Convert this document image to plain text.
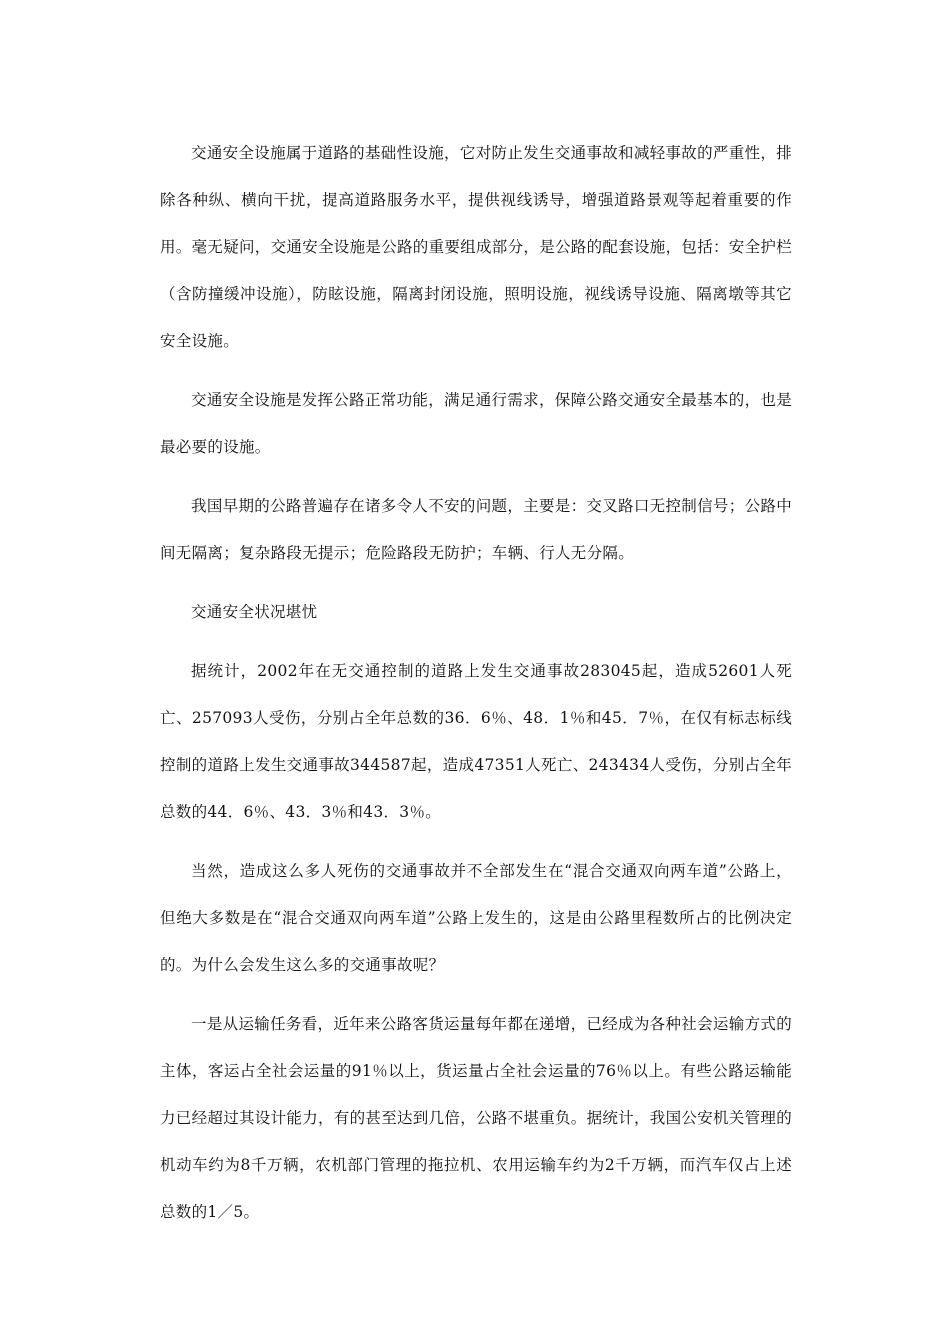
交通安全设施属于道路的基础性设施，它对防止发生交通事故和减轻事故的严重性，排除各种纵、横向干扰，提高道路服务水平，提供视线诱导，增强道路景观等起着重要的作用。毫无疑问，交通安全设施是公路的重要组成部分，是公路的配套设施，包括：安全护栏（含防撞缓冲设施），防眩设施，隔离封闭设施，照明设施，视线诱导设施、隔离墩等其它安全设施。

交通安全设施是发挥公路正常功能，满足通行需求，保障公路交通安全最基本的，也是最必要的设施。

我国早期的公路普遍存在诸多令人不安的问题，主要是：交叉路口无控制信号；公路中间无隔离；复杂路段无提示；危险路段无防护；车辆、行人无分隔。

交通安全状况堪忧

据统计，2002年在无交通控制的道路上发生交通事故283045起，造成52601人死亡、257093人受伤，分别占全年总数的36．6％、48．1％和45．7％，在仅有标志标线控制的道路上发生交通事故344587起，造成47351人死亡、243434人受伤，分别占全年总数的44．6％、43．3％和43．3％。

当然，造成这么多人死伤的交通事故并不全部发生在“混合交通双向两车道”公路上，但绝大多数是在“混合交通双向两车道”公路上发生的，这是由公路里程数所占的比例决定的。为什么会发生这么多的交通事故呢？

一是从运输任务看，近年来公路客货运量每年都在递增，已经成为各种社会运输方式的主体，客运占全社会运量的91％以上，货运量占全社会运量的76％以上。有些公路运输能力已经超过其设计能力，有的甚至达到几倍，公路不堪重负。据统计，我国公安机关管理的机动车约为8千万辆，农机部门管理的拖拉机、农用运输车约为2千万辆，而汽车仅占上述总数的1／5。
